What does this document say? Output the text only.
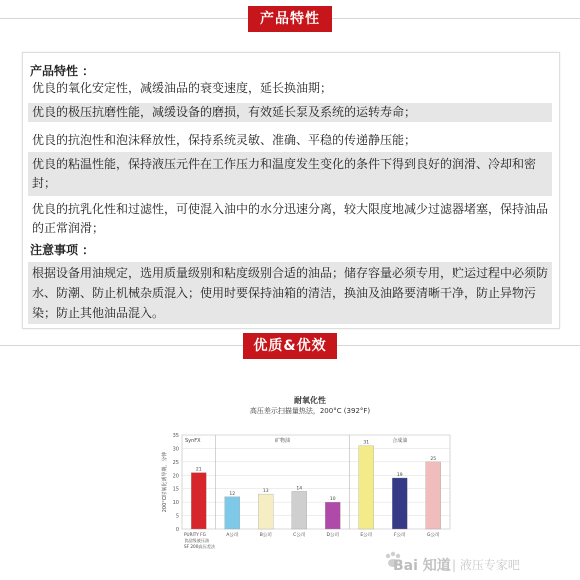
产品特性
产品特性 ：
优良的氧化安定性，减缓油品的衰变速度，延长换油期；
优良的极压抗磨性能，减缓设备的磨损，有效延长泵及系统的运转寿命；
优良的抗泡性和泡沫释放性，保持系统灵敏、准确、平稳的传递静压能；
优良的粘温性能，保持液压元件在工作压力和温度发生变化的条件下得到良好的润滑、冷却和密封；
优良的抗乳化性和过滤性，可使混入油中的水分迅速分离，较大限度地减少过滤器堵塞，保持油品的正常润滑；
注意事项 ：
根据设备用油规定，选用质量级别和粘度级别合适的油品；储存容量必须专用，贮运过程中必须防水、防潮、防止机械杂质混入；使用时要保持油箱的清洁，换油及油路要清晰干净，防止异物污染；防止其他油品混入。
优质&优效
耐氧化性
高压差示扫描量热法，200°C (392°F)
0
5
10
15
20
25
30
35
200°C时氧化诱导期，分钟
SynFX	矿物油	合成油
21
PURITY FG
食品级液压油
SF 200高压差法
12
A公司
13
B公司
14
C公司
10
D公司
31
E公司
19
F公司
25
G公司
Bai 知道 | 液压专家吧
